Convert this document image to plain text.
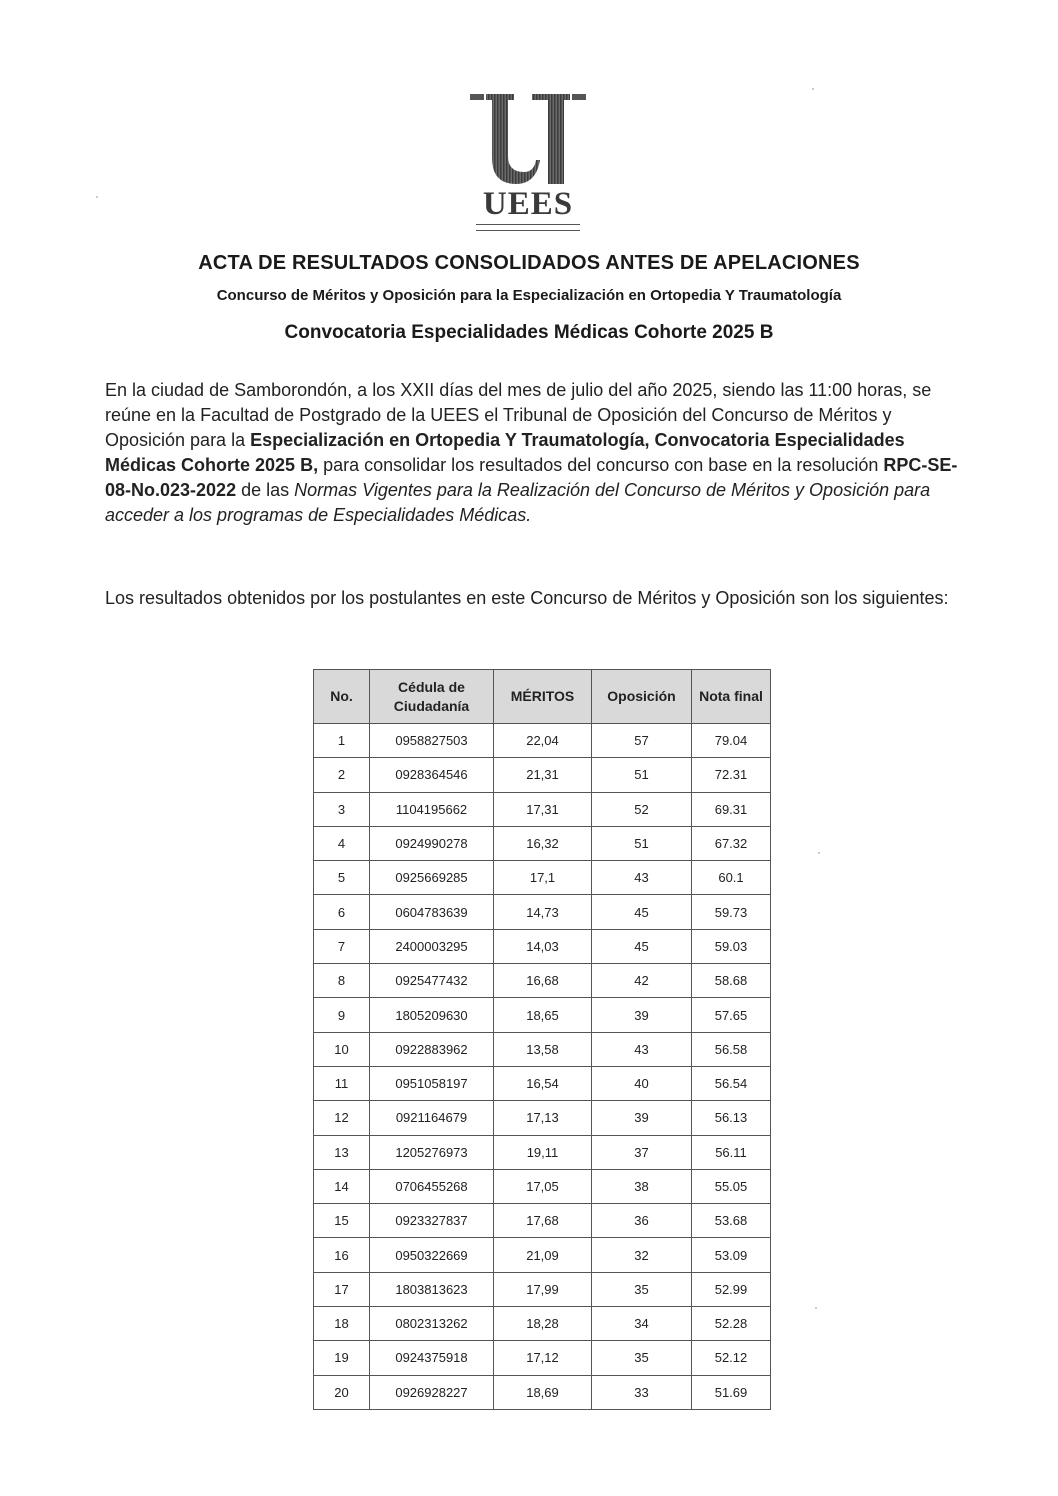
UEES
ACTA DE RESULTADOS CONSOLIDADOS ANTES DE APELACIONES
Concurso de Méritos y Oposición para la Especialización en Ortopedia Y Traumatología
Convocatoria Especialidades Médicas Cohorte 2025 B
En la ciudad de Samborondón, a los XXII días del mes de julio del año 2025, siendo las 11:00 horas, se reúne en la Facultad de Postgrado de la UEES el Tribunal de Oposición del Concurso de Méritos y Oposición para la Especialización en Ortopedia Y Traumatología, Convocatoria Especialidades Médicas Cohorte 2025 B, para consolidar los resultados del concurso con base en la resolución RPC-SE-08-No.023-2022 de las Normas Vigentes para la Realización del Concurso de Méritos y Oposición para acceder a los programas de Especialidades Médicas.
Los resultados obtenidos por los postulantes en este Concurso de Méritos y Oposición son los siguientes:
No.	Cédula de Ciudadanía	MÉRITOS	Oposición	Nota final
1	0958827503	22,04	57	79.04
2	0928364546	21,31	51	72.31
3	1104195662	17,31	52	69.31
4	0924990278	16,32	51	67.32
5	0925669285	17,1	43	60.1
6	0604783639	14,73	45	59.73
7	2400003295	14,03	45	59.03
8	0925477432	16,68	42	58.68
9	1805209630	18,65	39	57.65
10	0922883962	13,58	43	56.58
11	0951058197	16,54	40	56.54
12	0921164679	17,13	39	56.13
13	1205276973	19,11	37	56.11
14	0706455268	17,05	38	55.05
15	0923327837	17,68	36	53.68
16	0950322669	21,09	32	53.09
17	1803813623	17,99	35	52.99
18	0802313262	18,28	34	52.28
19	0924375918	17,12	35	52.12
20	0926928227	18,69	33	51.69
